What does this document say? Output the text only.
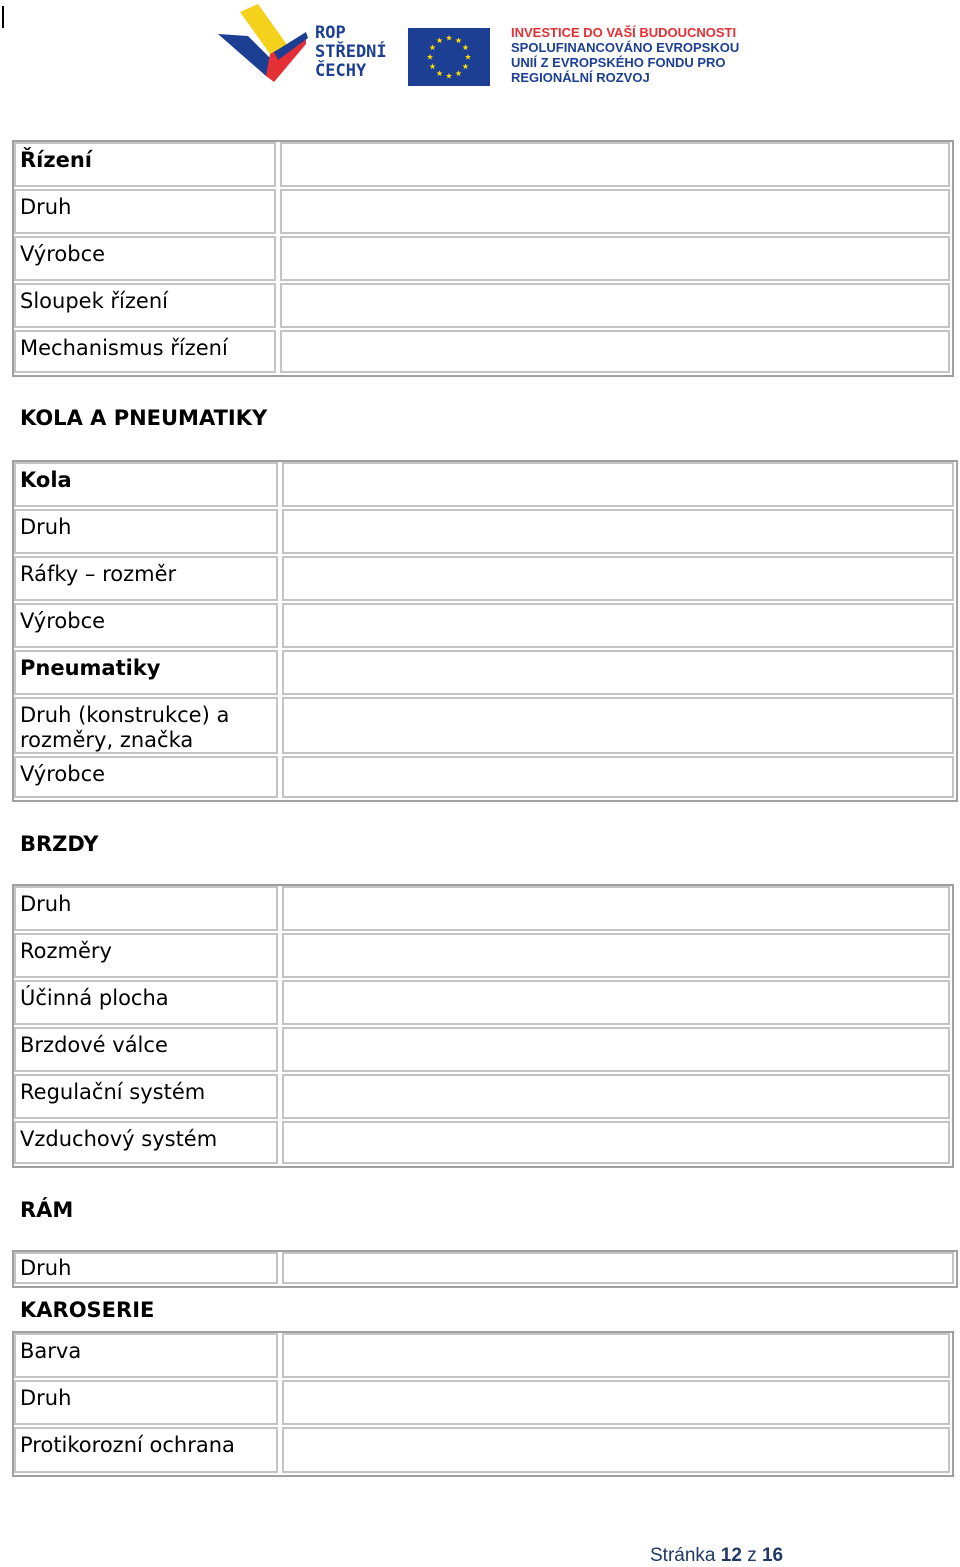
ROP
STŘEDNÍ
ČECHY
INVESTICE DO VAŠÍ BUDOUCNOSTI
SPOLUFINANCOVÁNO EVROPSKOU
UNIÍ Z EVROPSKÉHO FONDU PRO
REGIONÁLNÍ ROZVOJ
Řízení
Druh
Výrobce
Sloupek řízení
Mechanismus řízení
KOLA A PNEUMATIKY
Kola
Druh
Ráfky – rozměr
Výrobce
Pneumatiky
Druh (konstrukce) a rozměry, značka
Výrobce
BRZDY
Druh
Rozměry
Účinná plocha
Brzdové válce
Regulační systém
Vzduchový systém
RÁM
Druh
KAROSERIE
Barva
Druh
Protikorozní ochrana
Stránka 12 z 16
